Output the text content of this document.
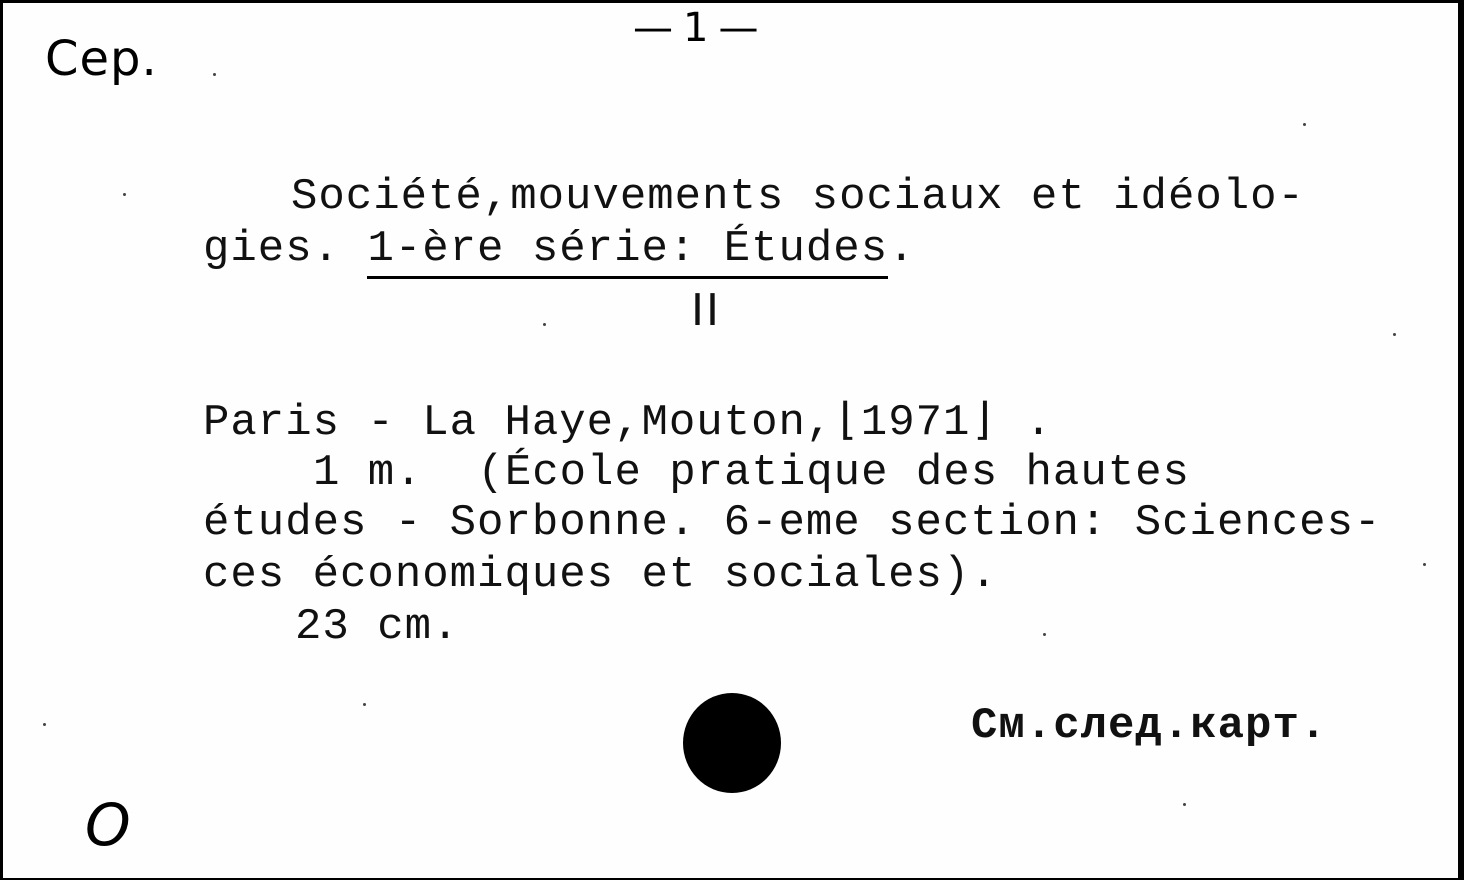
Сер.
—1—
Société,mouvements sociaux et idéolo-
gies. 1-ère série: Études.
II
Paris - La Haye,Mouton,⌊1971⌋ .
1 m.  (École pratique des hautes
études - Sorbonne. 6-eme section: Sciences-
ces économiques et sociales).
23 cm.
См.след.карт.
O
